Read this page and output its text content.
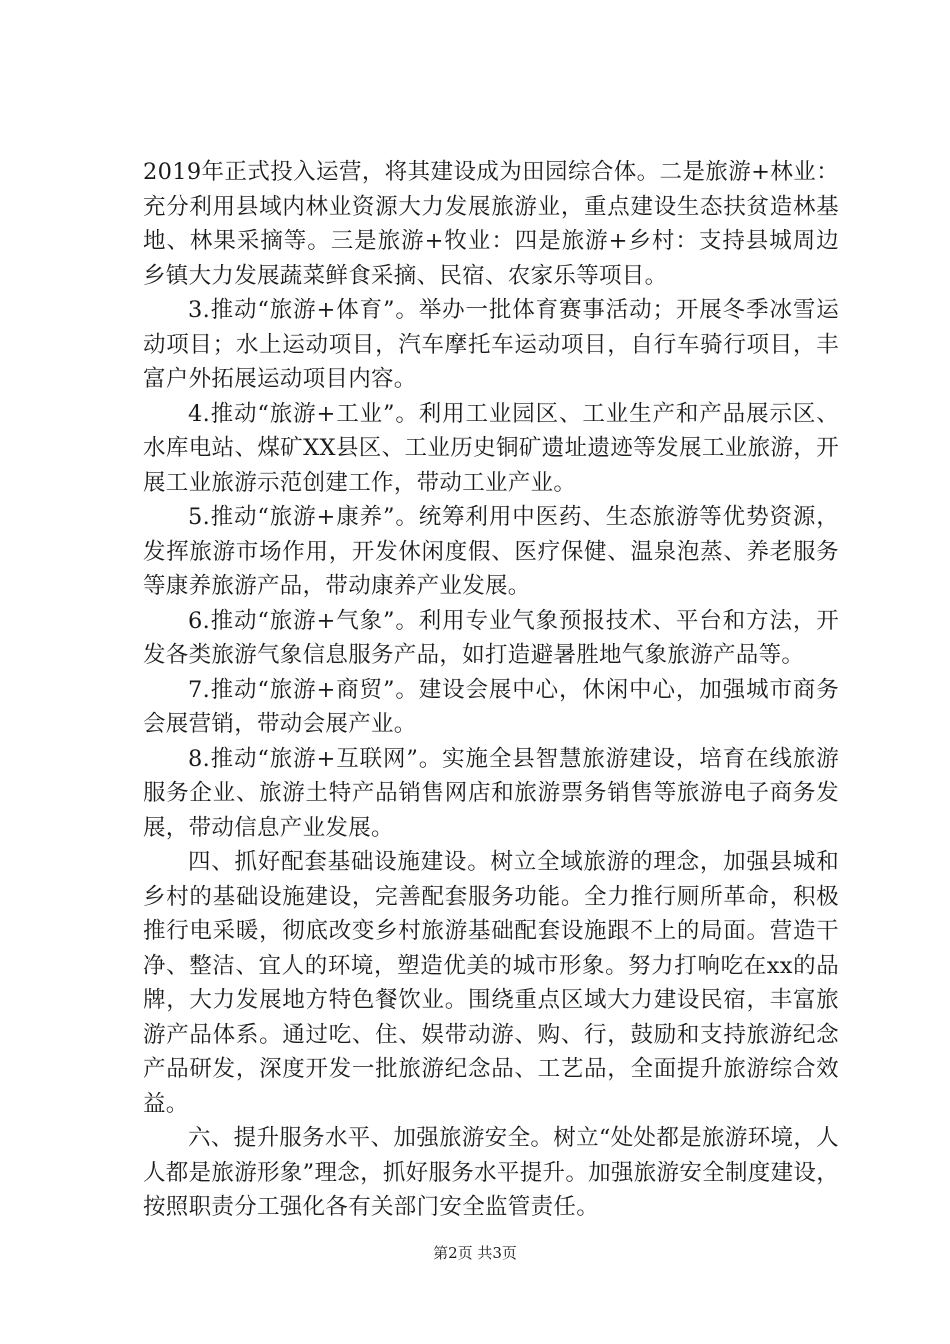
2019年正式投入运营，将其建设成为田园综合体。二是旅游+林业：充分利用县域内林业资源大力发展旅游业，重点建设生态扶贫造林基地、林果采摘等。三是旅游+牧业：四是旅游+乡村：支持县城周边乡镇大力发展蔬菜鲜食采摘、民宿、农家乐等项目。

3.推动“旅游+体育”。举办一批体育赛事活动；开展冬季冰雪运动项目；水上运动项目，汽车摩托车运动项目，自行车骑行项目，丰富户外拓展运动项目内容。

4.推动“旅游+工业”。利用工业园区、工业生产和产品展示区、水库电站、煤矿XX县区、工业历史铜矿遗址遗迹等发展工业旅游，开展工业旅游示范创建工作，带动工业产业。

5.推动“旅游+康养”。统筹利用中医药、生态旅游等优势资源，发挥旅游市场作用，开发休闲度假、医疗保健、温泉泡蒸、养老服务等康养旅游产品，带动康养产业发展。

6.推动“旅游+气象”。利用专业气象预报技术、平台和方法，开发各类旅游气象信息服务产品，如打造避暑胜地气象旅游产品等。

7.推动“旅游+商贸”。建设会展中心，休闲中心，加强城市商务会展营销，带动会展产业。

8.推动“旅游+互联网”。实施全县智慧旅游建设，培育在线旅游服务企业、旅游土特产品销售网店和旅游票务销售等旅游电子商务发展，带动信息产业发展。

四、抓好配套基础设施建设。树立全域旅游的理念，加强县城和乡村的基础设施建设，完善配套服务功能。全力推行厕所革命，积极推行电采暖，彻底改变乡村旅游基础配套设施跟不上的局面。营造干净、整洁、宜人的环境，塑造优美的城市形象。努力打响吃在xx的品牌，大力发展地方特色餐饮业。围绕重点区域大力建设民宿，丰富旅游产品体系。通过吃、住、娱带动游、购、行，鼓励和支持旅游纪念产品研发，深度开发一批旅游纪念品、工艺品，全面提升旅游综合效益。

六、提升服务水平、加强旅游安全。树立“处处都是旅游环境，人人都是旅游形象”理念，抓好服务水平提升。加强旅游安全制度建设，按照职责分工强化各有关部门安全监管责任。

第2页 共3页
